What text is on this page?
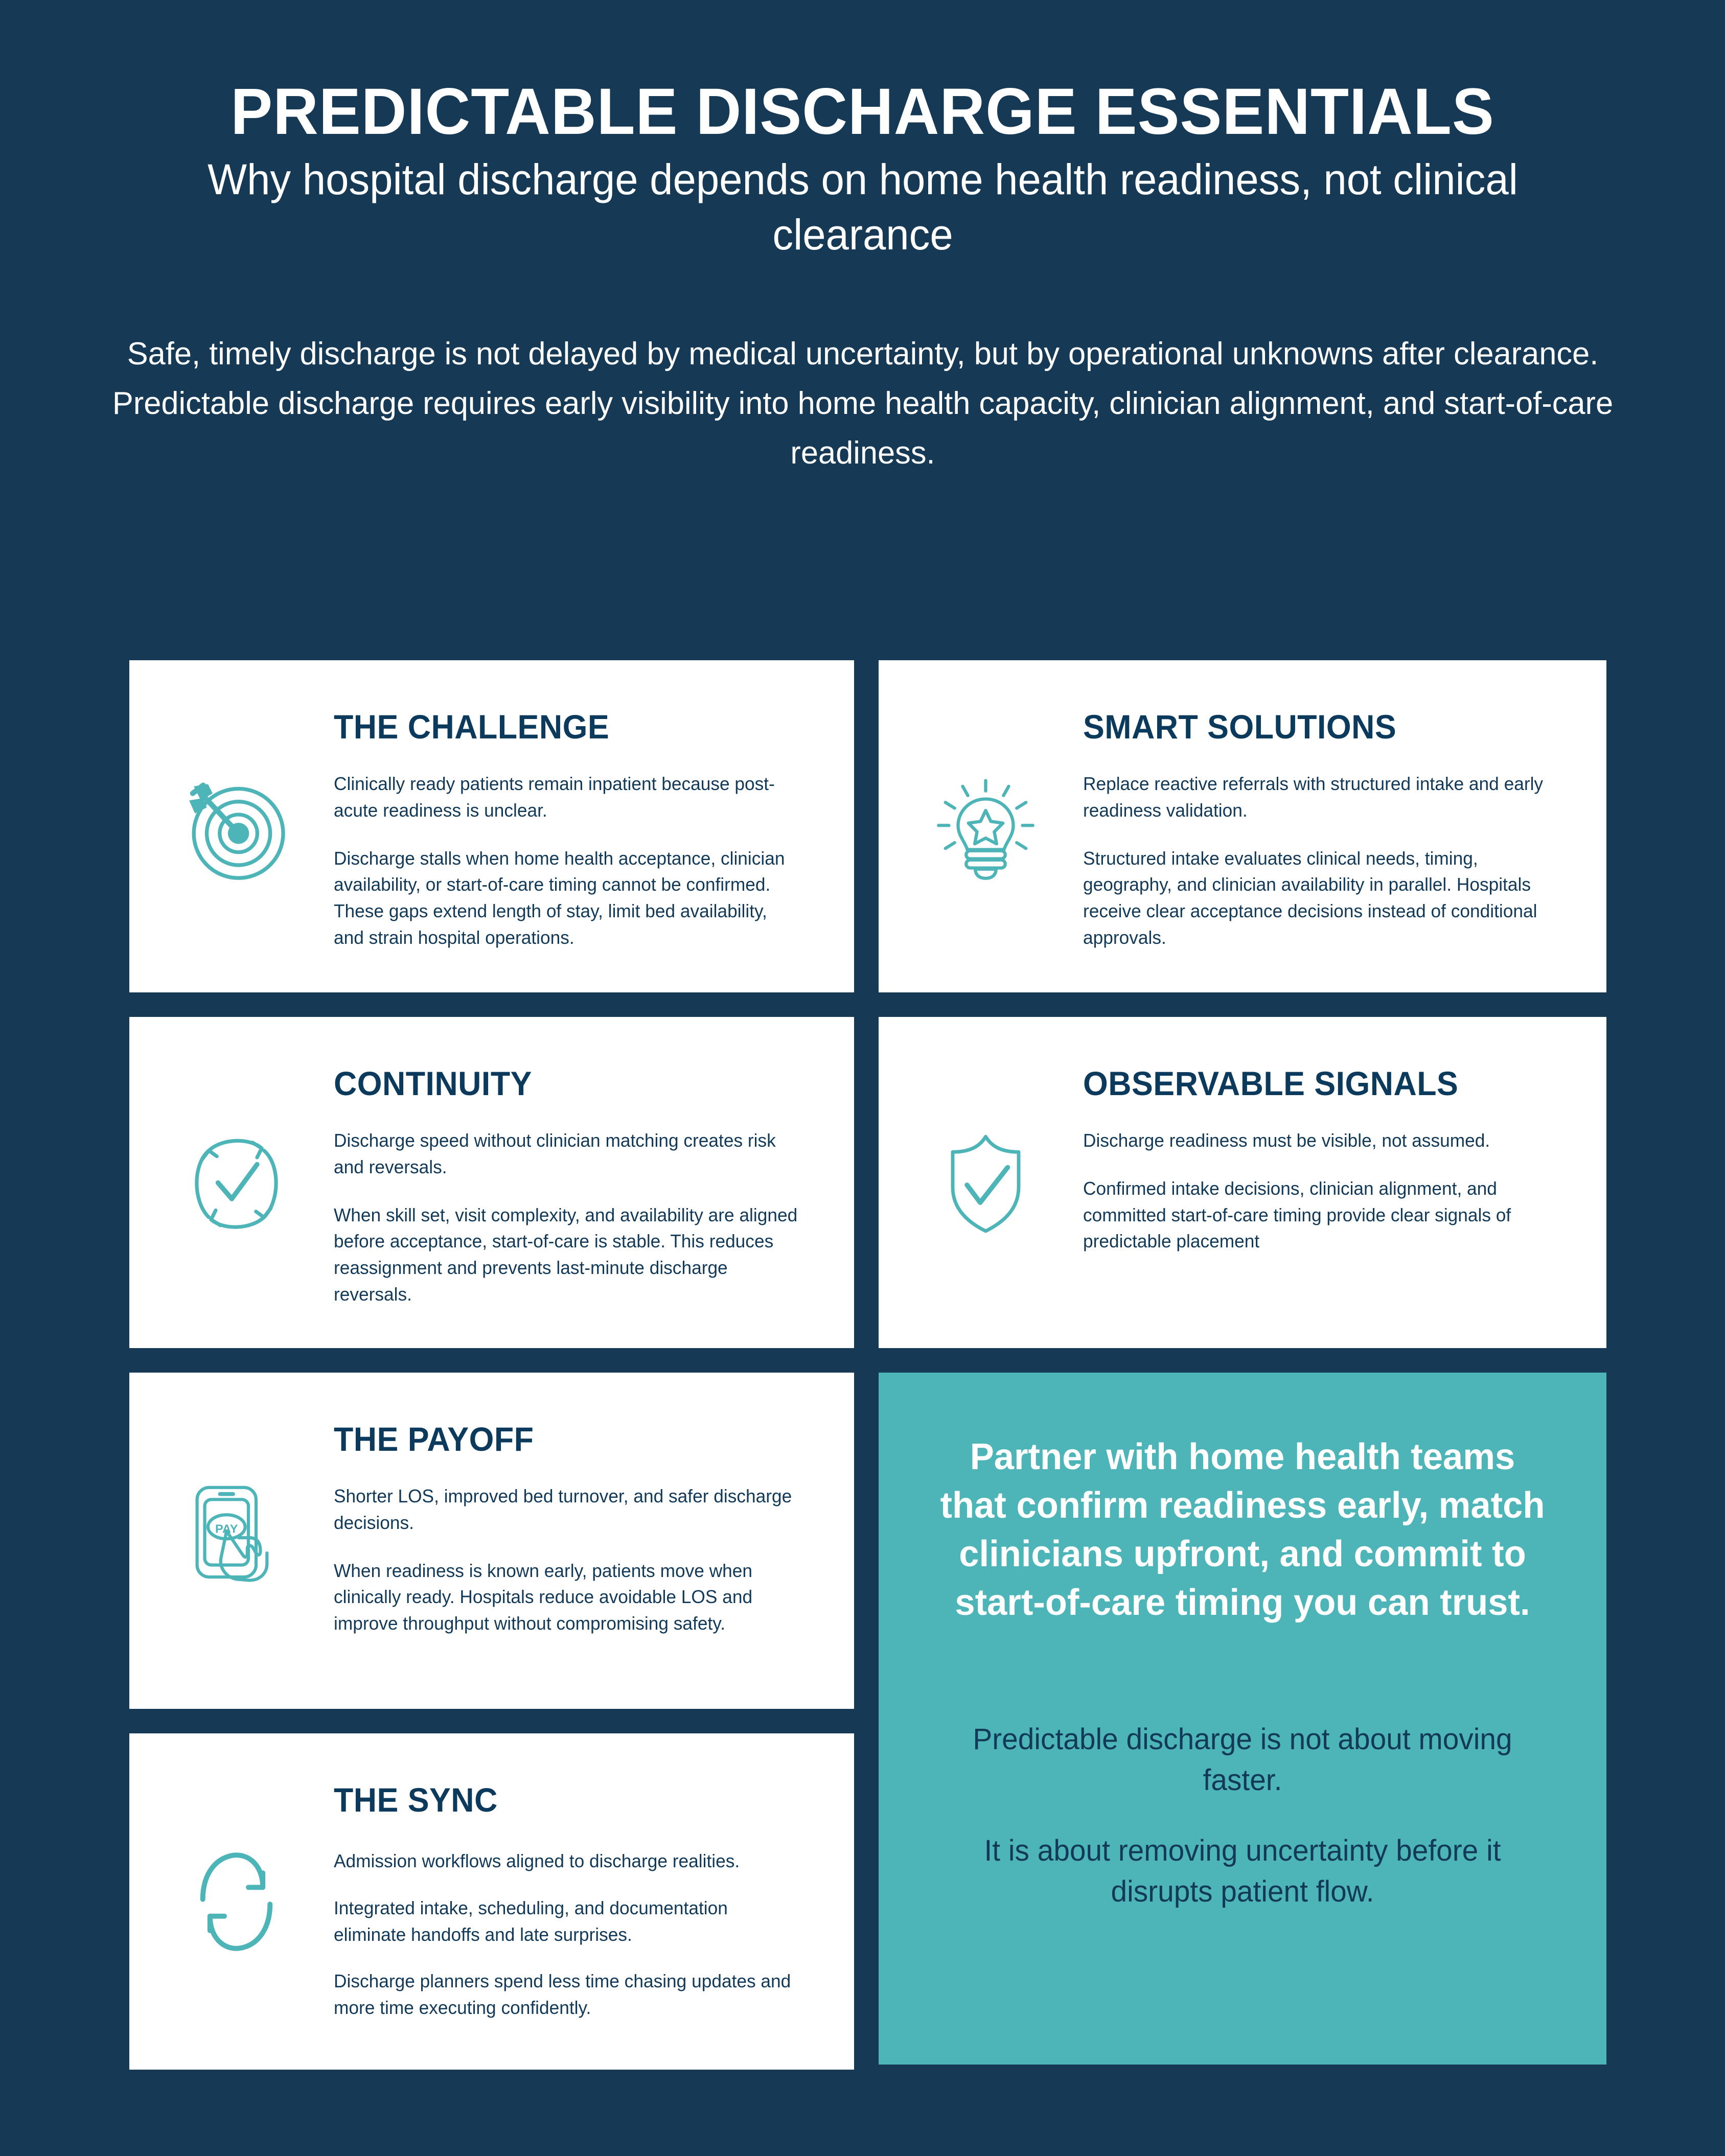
PREDICTABLE DISCHARGE ESSENTIALS
Why hospital discharge depends on home health readiness, not clinical clearance
Safe, timely discharge is not delayed by medical uncertainty, but by operational unknowns after clearance. Predictable discharge requires early visibility into home health capacity, clinician alignment, and start-of-care readiness.
THE CHALLENGE

Clinically ready patients remain inpatient because post-acute readiness is unclear.

Discharge stalls when home health acceptance, clinician availability, or start-of-care timing cannot be confirmed. These gaps extend length of stay, limit bed availability, and strain hospital operations.

SMART SOLUTIONS

Replace reactive referrals with structured intake and early readiness validation.

Structured intake evaluates clinical needs, timing, geography, and clinician availability in parallel. Hospitals receive clear acceptance decisions instead of conditional approvals.

CONTINUITY

Discharge speed without clinician matching creates risk and reversals.

When skill set, visit complexity, and availability are aligned before acceptance, start-of-care is stable. This reduces reassignment and prevents last-minute discharge reversals.

OBSERVABLE SIGNALS

Discharge readiness must be visible, not assumed.

Confirmed intake decisions, clinician alignment, and committed start-of-care timing provide clear signals of predictable placement

PAY
THE PAYOFF

Shorter LOS, improved bed turnover, and safer discharge decisions.

When readiness is known early, patients move when clinically ready. Hospitals reduce avoidable LOS and improve throughput without compromising safety.

THE SYNC

Admission workflows aligned to discharge realities.

Integrated intake, scheduling, and documentation eliminate handoffs and late surprises.

Discharge planners spend less time chasing updates and more time executing confidently.

Partner with home health teams that confirm readiness early, match clinicians upfront, and commit to start-of-care timing you can trust.
Predictable discharge is not about moving faster.
It is about removing uncertainty before it disrupts patient flow.
